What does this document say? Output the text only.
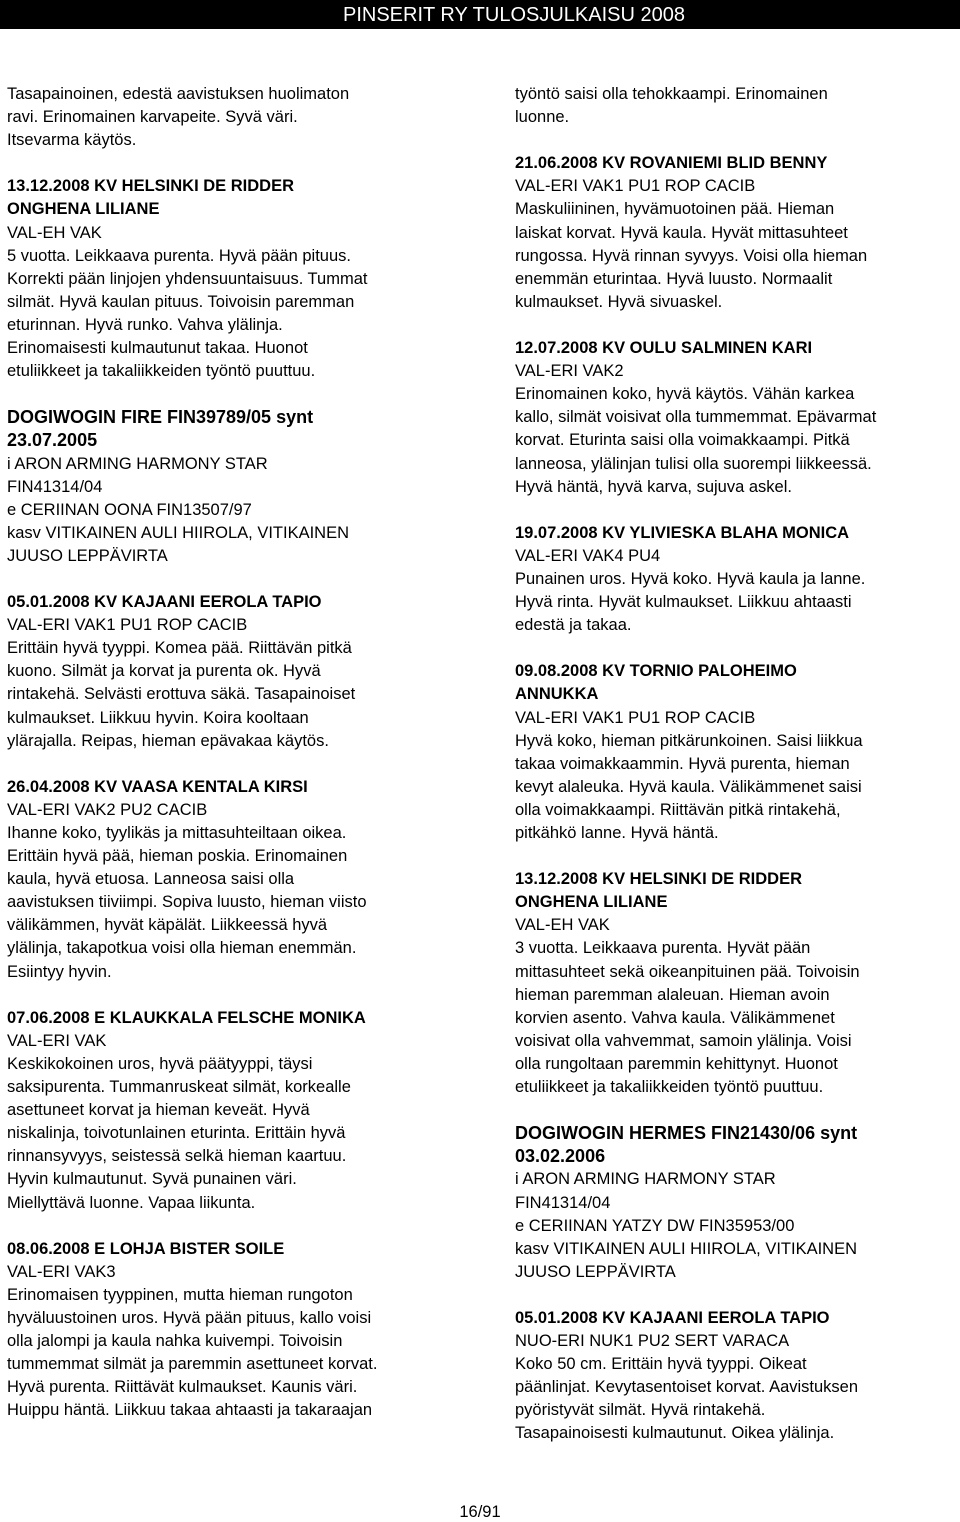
PINSERIT RY TULOSJULKAISU 2008
Tasapainoinen, edestä aavistuksen huolimaton
ravi. Erinomainen karvapeite. Syvä väri.
Itsevarma käytös.
13.12.2008 KV HELSINKI DE RIDDER
ONGHENA LILIANE
VAL-EH VAK
5 vuotta. Leikkaava purenta. Hyvä pään pituus.
Korrekti pään linjojen yhdensuuntaisuus. Tummat
silmät. Hyvä kaulan pituus. Toivoisin paremman
eturinnan. Hyvä runko. Vahva ylälinja.
Erinomaisesti kulmautunut takaa. Huonot
etuliikkeet ja takaliikkeiden työntö puuttuu.
DOGIWOGIN FIRE FIN39789/05 synt
23.07.2005
i ARON ARMING HARMONY STAR
FIN41314/04
e CERIINAN OONA FIN13507/97
kasv VITIKAINEN AULI HIIROLA, VITIKAINEN
JUUSO LEPPÄVIRTA
05.01.2008 KV KAJAANI EEROLA TAPIO
VAL-ERI VAK1 PU1 ROP CACIB
Erittäin hyvä tyyppi. Komea pää. Riittävän pitkä
kuono. Silmät ja korvat ja purenta ok. Hyvä
rintakehä. Selvästi erottuva säkä. Tasapainoiset
kulmaukset. Liikkuu hyvin. Koira kooltaan
ylärajalla. Reipas, hieman epävakaa käytös.
26.04.2008 KV VAASA KENTALA KIRSI
VAL-ERI VAK2 PU2 CACIB
Ihanne koko, tyylikäs ja mittasuhteiltaan oikea.
Erittäin hyvä pää, hieman poskia. Erinomainen
kaula, hyvä etuosa. Lanneosa saisi olla
aavistuksen tiiviimpi. Sopiva luusto, hieman viisto
välikämmen, hyvät käpälät. Liikkeessä hyvä
ylälinja, takapotkua voisi olla hieman enemmän.
Esiintyy hyvin.
07.06.2008 E KLAUKKALA FELSCHE MONIKA
VAL-ERI VAK
Keskikokoinen uros, hyvä päätyyppi, täysi
saksipurenta. Tummanruskeat silmät, korkealle
asettuneet korvat ja hieman keveät. Hyvä
niskalinja, toivotunlainen eturinta. Erittäin hyvä
rinnansyvyys, seistessä selkä hieman kaartuu.
Hyvin kulmautunut. Syvä punainen väri.
Miellyttävä luonne. Vapaa liikunta.
08.06.2008 E LOHJA BISTER SOILE
VAL-ERI VAK3
Erinomaisen tyyppinen, mutta hieman rungoton
hyväluustoinen uros. Hyvä pään pituus, kallo voisi
olla jalompi ja kaula nahka kuivempi. Toivoisin
tummemmat silmät ja paremmin asettuneet korvat.
Hyvä purenta. Riittävät kulmaukset. Kaunis väri.
Huippu häntä. Liikkuu takaa ahtaasti ja takaraajan
työntö saisi olla tehokkaampi. Erinomainen
luonne.
21.06.2008 KV ROVANIEMI BLID BENNY
VAL-ERI VAK1 PU1 ROP CACIB
Maskuliininen, hyvämuotoinen pää. Hieman
laiskat korvat. Hyvä kaula. Hyvät mittasuhteet
rungossa. Hyvä rinnan syvyys. Voisi olla hieman
enemmän eturintaa. Hyvä luusto. Normaalit
kulmaukset. Hyvä sivuaskel.
12.07.2008 KV OULU SALMINEN KARI
VAL-ERI VAK2
Erinomainen koko, hyvä käytös. Vähän karkea
kallo, silmät voisivat olla tummemmat. Epävarmat
korvat. Eturinta saisi olla voimakkaampi. Pitkä
lanneosa, ylälinjan tulisi olla suorempi liikkeessä.
Hyvä häntä, hyvä karva, sujuva askel.
19.07.2008 KV YLIVIESKA BLAHA MONICA
VAL-ERI VAK4 PU4
Punainen uros. Hyvä koko. Hyvä kaula ja lanne.
Hyvä rinta. Hyvät kulmaukset. Liikkuu ahtaasti
edestä ja takaa.
09.08.2008 KV TORNIO PALOHEIMO
ANNUKKA
VAL-ERI VAK1 PU1 ROP CACIB
Hyvä koko, hieman pitkärunkoinen. Saisi liikkua
takaa voimakkaammin. Hyvä purenta, hieman
kevyt alaleuka. Hyvä kaula. Välikämmenet saisi
olla voimakkaampi. Riittävän pitkä rintakehä,
pitkähkö lanne. Hyvä häntä.
13.12.2008 KV HELSINKI DE RIDDER
ONGHENA LILIANE
VAL-EH VAK
3 vuotta. Leikkaava purenta. Hyvät pään
mittasuhteet sekä oikeanpituinen pää. Toivoisin
hieman paremman alaleuan. Hieman avoin
korvien asento. Vahva kaula. Välikämmenet
voisivat olla vahvemmat, samoin ylälinja. Voisi
olla rungoltaan paremmin kehittynyt. Huonot
etuliikkeet ja takaliikkeiden työntö puuttuu.
DOGIWOGIN HERMES FIN21430/06 synt
03.02.2006
i ARON ARMING HARMONY STAR
FIN41314/04
e CERIINAN YATZY DW FIN35953/00
kasv VITIKAINEN AULI HIIROLA, VITIKAINEN
JUUSO LEPPÄVIRTA
05.01.2008 KV KAJAANI EEROLA TAPIO
NUO-ERI NUK1 PU2 SERT VARACA
Koko 50 cm. Erittäin hyvä tyyppi. Oikeat
päänlinjat. Kevytasentoiset korvat. Aavistuksen
pyöristyvät silmät. Hyvä rintakehä.
Tasapainoisesti kulmautunut. Oikea ylälinja.
16/91
